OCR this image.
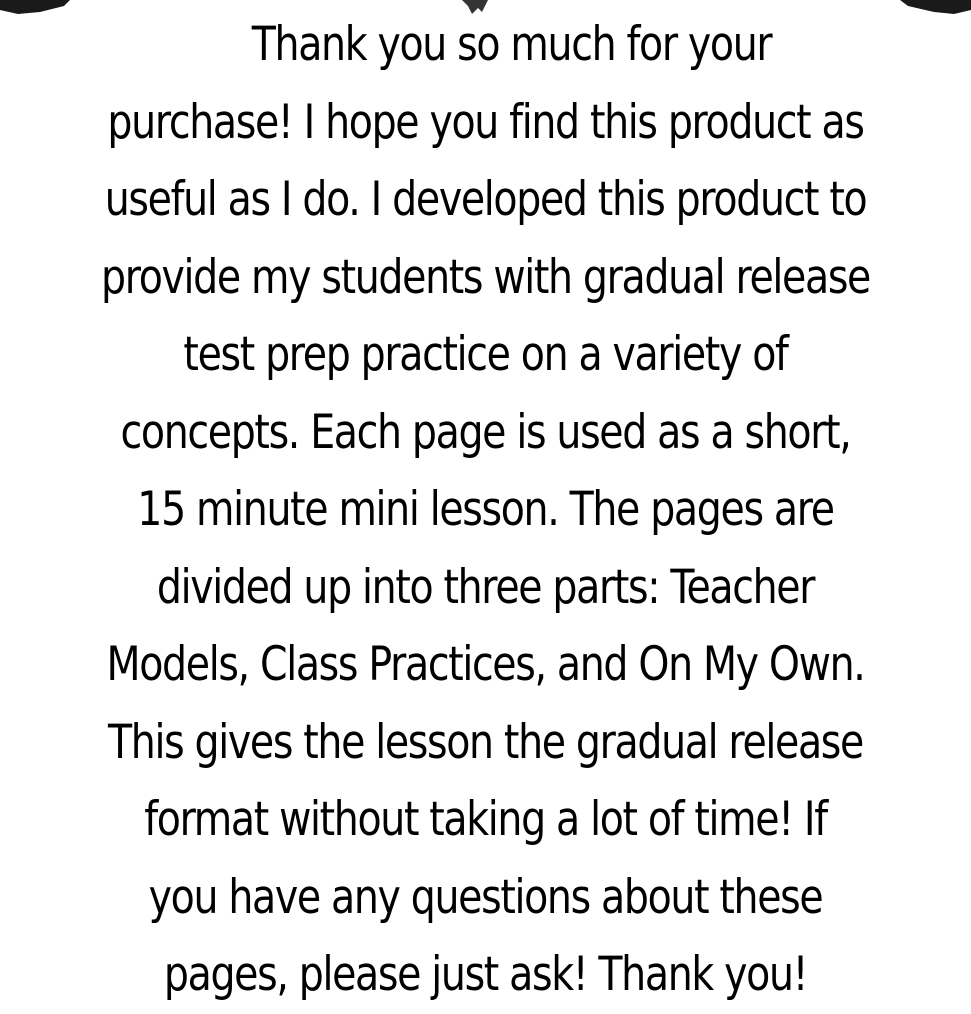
Thank you so much for your
purchase! I hope you find this product as
useful as I do. I developed this product to
provide my students with gradual release
test prep practice on a variety of
concepts. Each page is used as a short,
15 minute mini lesson. The pages are
divided up into three parts: Teacher
Models, Class Practices, and On My Own.
This gives the lesson the gradual release
format without taking a lot of time! If
you have any questions about these
pages, please just ask! Thank you!
